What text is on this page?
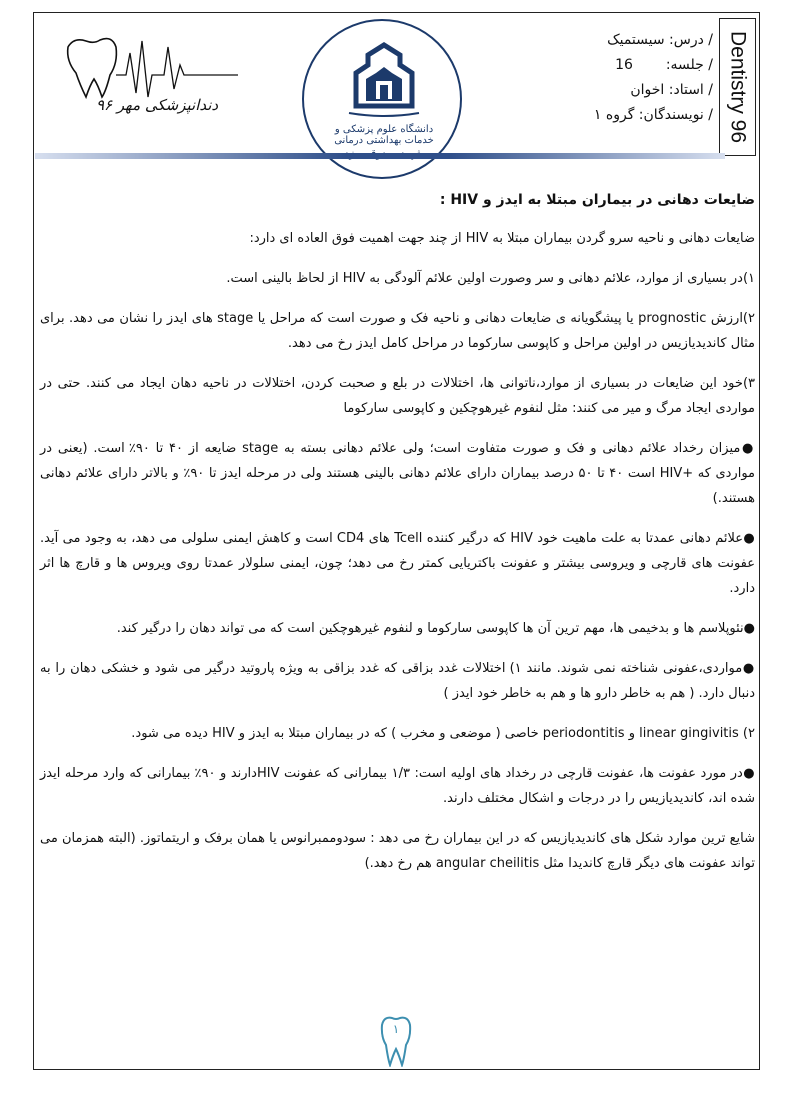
Dentistry 96
/ درس: سیستمیک
/ جلسه:  16
/ استاد: اخوان
/ نویسندگان: گروه ۱
دانشگاه علوم پزشکی و خدمات بهداشتی درمانی
دندانپزشکی مهر ۹۶

ضایعات دهانی در بیماران مبتلا به ایدز و HIV :

ضایعات دهانی و ناحیه سرو گردن بیماران مبتلا به HIV از چند جهت اهمیت فوق العاده ای دارد:

۱)در بسیاری از موارد، علائم دهانی و سر وصورت اولین علائم آلودگی به HIV از لحاظ بالینی است.

۲)ارزش prognostic یا پیشگویانه ی ضایعات دهانی و ناحیه فک و صورت است که مراحل یا stage های ایدز را نشان می دهد. برای مثال کاندیدیازیس در اولین مراحل و کاپوسی سارکوما در مراحل کامل ایدز رخ می دهد.

۳)خود این ضایعات در بسیاری از موارد،ناتوانی ها، اختلالات در بلع و صحبت کردن، اختلالات در ناحیه دهان ایجاد می کنند. حتی در مواردی ایجاد مرگ و میر می کنند: مثل لنفوم غیرهوچکین و کاپوسی سارکوما

●میزان رخداد علائم دهانی و فک و صورت متفاوت است؛ ولی علائم دهانی بسته به stage ضایعه از ۴۰ تا ۹۰٪ است. (یعنی در مواردی که +HIV است ۴۰ تا ۵۰ درصد بیماران دارای علائم دهانی بالینی هستند ولی در مرحله ایدز تا ۹۰٪ و بالاتر دارای علائم دهانی هستند.)

●علائم دهانی عمدتا به علت ماهیت خود HIV که درگیر کننده Tcell های CD4 است و کاهش ایمنی سلولی می دهد، به وجود می آید. عفونت های قارچی و ویروسی بیشتر و عفونت باکتریایی کمتر رخ می دهد؛ چون، ایمنی سلولار عمدتا روی ویروس ها و قارچ ها اثر دارد.

●نئوپلاسم ها و بدخیمی ها، مهم ترین آن ها کاپوسی سارکوما و لنفوم غیرهوچکین است که می تواند دهان را درگیر کند.

●مواردی،عفونی شناخته نمی شوند. مانند ۱) اختلالات غدد بزاقی که غدد بزاقی به ویژه پاروتید درگیر می شود و خشکی دهان را به دنبال دارد. ( هم به خاطر دارو ها و هم به خاطر خود ایدز )

۲) linear gingivitis و periodontitis خاصی ( موضعی و مخرب ) که در بیماران مبتلا به ایدز و HIV دیده می شود.

●در مورد عفونت ها، عفونت قارچی در رخداد های اولیه است: ۱/۳ بیمارانی که عفونت HIVدارند و ۹۰٪ بیمارانی که وارد مرحله ایدز شده اند، کاندیدیازیس را در درجات و اشکال مختلف دارند.

شایع ترین موارد شکل های کاندیدیازیس که در این بیماران رخ می دهد : سودوممبرانوس یا همان برفک و اریتماتوز. (البته همزمان می تواند عفونت های دیگر قارچ کاندیدا مثل angular cheilitis هم رخ دهد.)

۱
